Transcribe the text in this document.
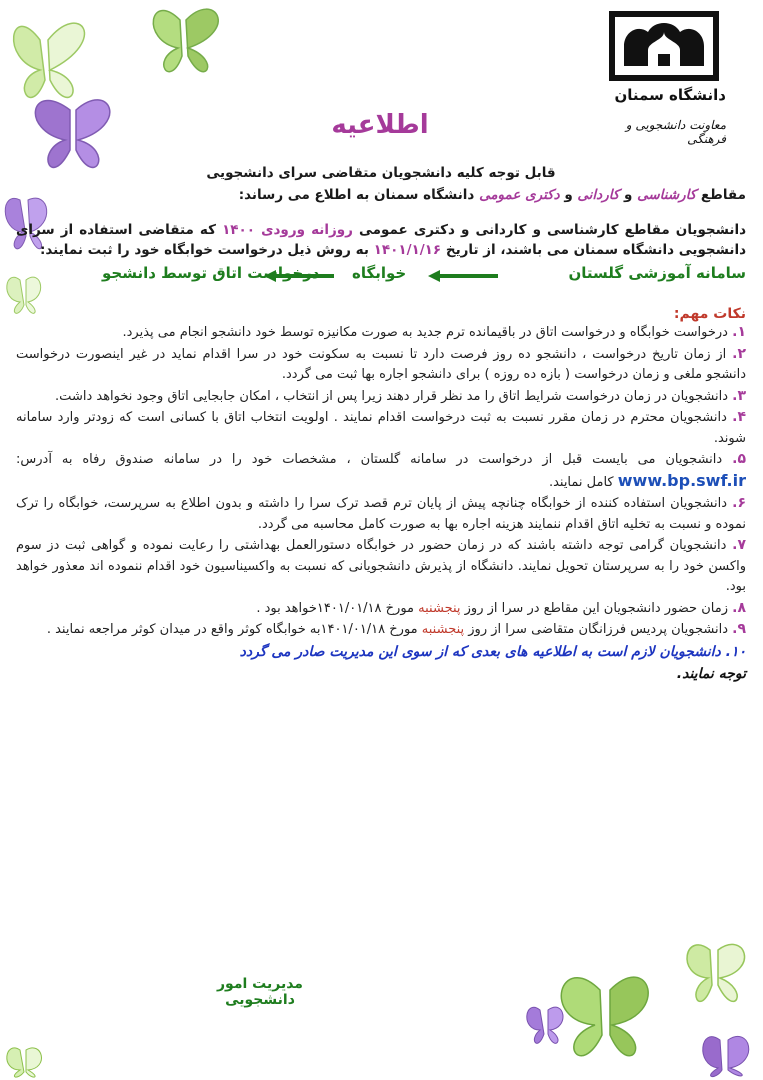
دانشگاه سمنان
معاونت دانشجویی و فرهنگی
اطلاعیه
قابل توجه کلیه دانشجویان متقاضی سرای دانشجویی
مقاطع کارشناسی و کاردانی و دکتری عمومی دانشگاه سمنان به اطلاع می رساند:
دانشجویان مقاطع کارشناسی و کاردانی و دکتری عمومی روزانه ورودی ۱۴۰۰ که متقاضی استفاده از سرای دانشجویی دانشگاه سمنان می باشند، از تاریخ ۱۴۰۱/۱/۱۶ به روش ذیل درخواست خوابگاه خود را ثبت نمایند:
سامانه آموزشی گلستان
خوابگاه
درخواست اتاق توسط دانشجو
نکات مهم:
۱. درخواست خوابگاه و درخواست اتاق در باقیمانده ترم جدید به صورت مکانیزه توسط خود دانشجو انجام می پذیرد.
۲. از زمان تاریخ درخواست ، دانشجو ده روز فرصت دارد تا نسبت به سکونت خود در سرا اقدام نماید در غیر اینصورت درخواست دانشجو ملغی و زمان درخواست ( بازه ده روزه ) برای دانشجو اجاره بها ثبت می گردد.
۳. دانشجویان در زمان درخواست شرایط اتاق را مد نظر قرار دهند زیرا پس از انتخاب ، امکان جابجایی اتاق وجود نخواهد داشت.
۴. دانشجویان محترم در زمان مقرر نسبت به ثبت درخواست اقدام نمایند . اولویت انتخاب اتاق با کسانی است که زودتر وارد سامانه شوند.
۵. دانشجویان می بایست قبل از درخواست در سامانه گلستان ، مشخصات خود را در سامانه صندوق رفاه به آدرس: www.bp.swf.ir کامل نمایند.
۶. دانشجویان استفاده کننده از خوابگاه چنانچه پیش از پایان ترم قصد ترک سرا را داشته و بدون اطلاع به سرپرست، خوابگاه را ترک نموده و نسبت به تخلیه اتاق اقدام ننمایند هزینه اجاره بها به صورت کامل محاسبه می گردد.
۷. دانشجویان گرامی توجه داشته باشند که در زمان حضور در خوابگاه دستورالعمل بهداشتی را رعایت نموده و گواهی ثبت دز سوم واکسن خود را به سرپرستان تحویل نمایند. دانشگاه از پذیرش دانشجویانی که نسبت به واکسیناسیون خود اقدام ننموده اند معذور خواهد بود.
۸. زمان حضور دانشجویان این مقاطع در سرا از روز پنجشنبه مورخ ۱۴۰۱/۰۱/۱۸خواهد بود .
۹. دانشجویان پردیس فرزانگان متقاضی سرا از روز پنجشنبه مورخ ۱۴۰۱/۰۱/۱۸به خوابگاه کوثر واقع در میدان کوثر مراجعه نمایند .
۱۰. دانشجویان لازم است به اطلاعیه های بعدی که از سوی این مدیریت صادر می گردد
توجه نمایند.
مدیریت امور دانشجویی
